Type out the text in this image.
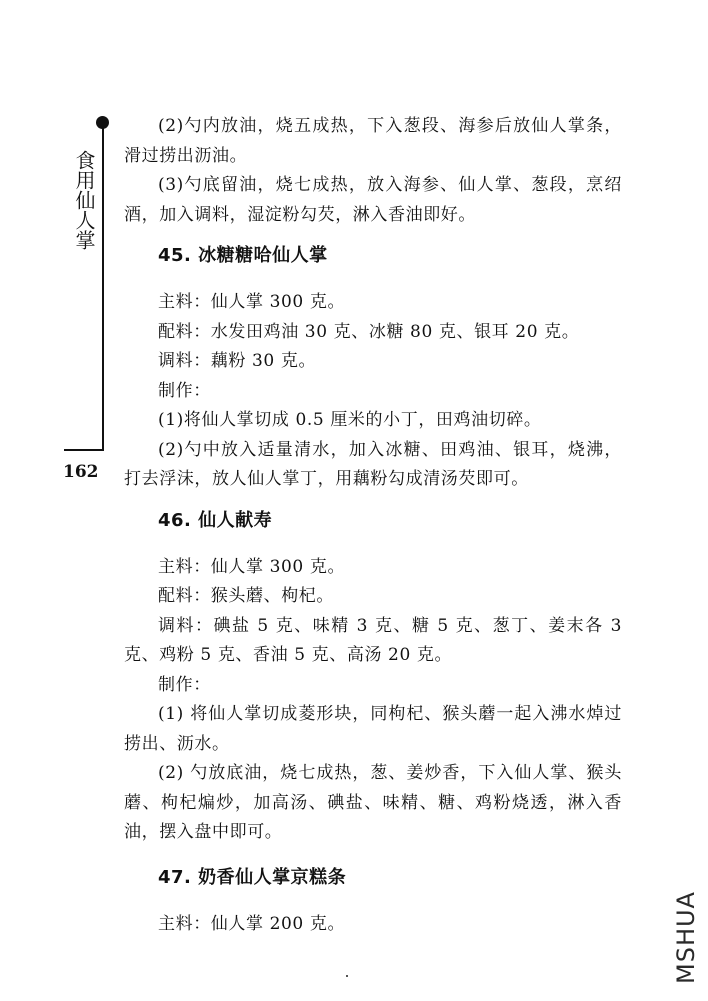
食用仙人掌
162

(2)勺内放油，烧五成热，下入葱段、海参后放仙人掌条，滑过捞出沥油。

(3)勺底留油，烧七成热，放入海参、仙人掌、葱段，烹绍酒，加入调料，湿淀粉勾芡，淋入香油即好。

45. 冰糖糖哈仙人掌

主料：仙人掌 300 克。

配料：水发田鸡油 30 克、冰糖 80 克、银耳 20 克。

调料：藕粉 30 克。

制作：

(1)将仙人掌切成 0.5 厘米的小丁，田鸡油切碎。

(2)勺中放入适量清水，加入冰糖、田鸡油、银耳，烧沸，打去浮沫，放人仙人掌丁，用藕粉勾成清汤芡即可。

46. 仙人献寿

主料：仙人掌 300 克。

配料：猴头蘑、枸杞。

调料：碘盐 5 克、味精 3 克、糖 5 克、葱丁、姜末各 3 克、鸡粉 5 克、香油 5 克、高汤 20 克。

制作：

(1) 将仙人掌切成菱形块，同枸杞、猴头蘑一起入沸水焯过捞出、沥水。

(2) 勺放底油，烧七成热，葱、姜炒香，下入仙人掌、猴头蘑、枸杞煸炒，加高汤、碘盐、味精、糖、鸡粉烧透，淋入香油，摆入盘中即可。

47. 奶香仙人掌京糕条

主料：仙人掌 200 克。	MSHUA
